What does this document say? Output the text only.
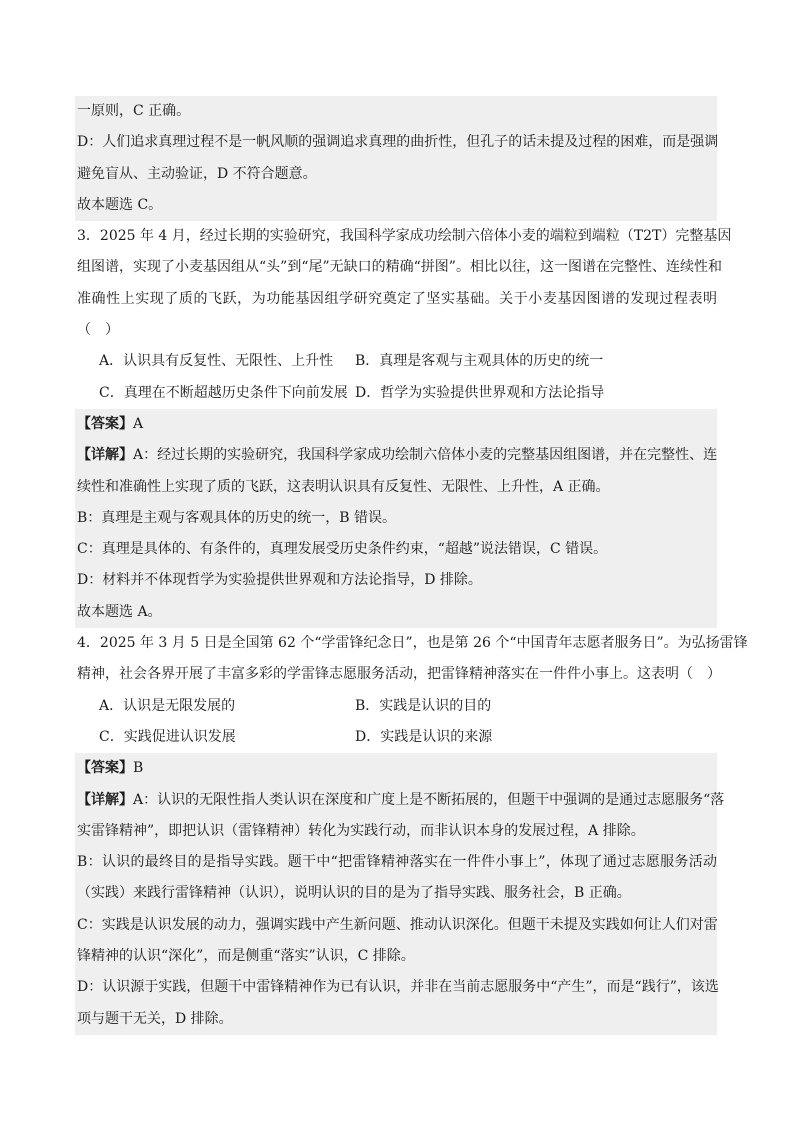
一原则，C 正确。
D：人们追求真理过程不是一帆风顺的强调追求真理的曲折性，但孔子的话未提及过程的困难，而是强调
避免盲从、主动验证，D 不符合题意。
故本题选 C。
3．2025 年 4 月，经过长期的实验研究，我国科学家成功绘制六倍体小麦的端粒到端粒（T2T）完整基因
组图谱，实现了小麦基因组从“头”到“尾”无缺口的精确“拼图”。相比以往，这一图谱在完整性、连续性和
准确性上实现了质的飞跃，为功能基因组学研究奠定了坚实基础。关于小麦基因图谱的发现过程表明
（　）
A．认识具有反复性、无限性、上升性 B．真理是客观与主观具体的历史的统一
C．真理在不断超越历史条件下向前发展 D．哲学为实验提供世界观和方法论指导
【答案】A
【详解】A：经过长期的实验研究，我国科学家成功绘制六倍体小麦的完整基因组图谱，并在完整性、连
续性和准确性上实现了质的飞跃，这表明认识具有反复性、无限性、上升性，A 正确。
B：真理是主观与客观具体的历史的统一，B 错误。
C：真理是具体的、有条件的，真理发展受历史条件约束，“超越”说法错误，C 错误。
D：材料并不体现哲学为实验提供世界观和方法论指导，D 排除。
故本题选 A。
4．2025 年 3 月 5 日是全国第 62 个“学雷锋纪念日”，也是第 26 个“中国青年志愿者服务日”。为弘扬雷锋
精神，社会各界开展了丰富多彩的学雷锋志愿服务活动，把雷锋精神落实在一件件小事上。这表明（　）
A．认识是无限发展的	B．实践是认识的目的
C．实践促进认识发展	D．实践是认识的来源
【答案】B
【详解】A：认识的无限性指人类认识在深度和广度上是不断拓展的，但题干中强调的是通过志愿服务“落
实雷锋精神”，即把认识（雷锋精神）转化为实践行动，而非认识本身的发展过程，A 排除。
B：认识的最终目的是指导实践。题干中“把雷锋精神落实在一件件小事上”，体现了通过志愿服务活动
（实践）来践行雷锋精神（认识），说明认识的目的是为了指导实践、服务社会，B 正确。
C：实践是认识发展的动力，强调实践中产生新问题、推动认识深化。但题干未提及实践如何让人们对雷
锋精神的认识“深化”，而是侧重“落实”认识，C 排除。
D：认识源于实践，但题干中雷锋精神作为已有认识，并非在当前志愿服务中“产生”，而是“践行”，该选
项与题干无关，D 排除。
